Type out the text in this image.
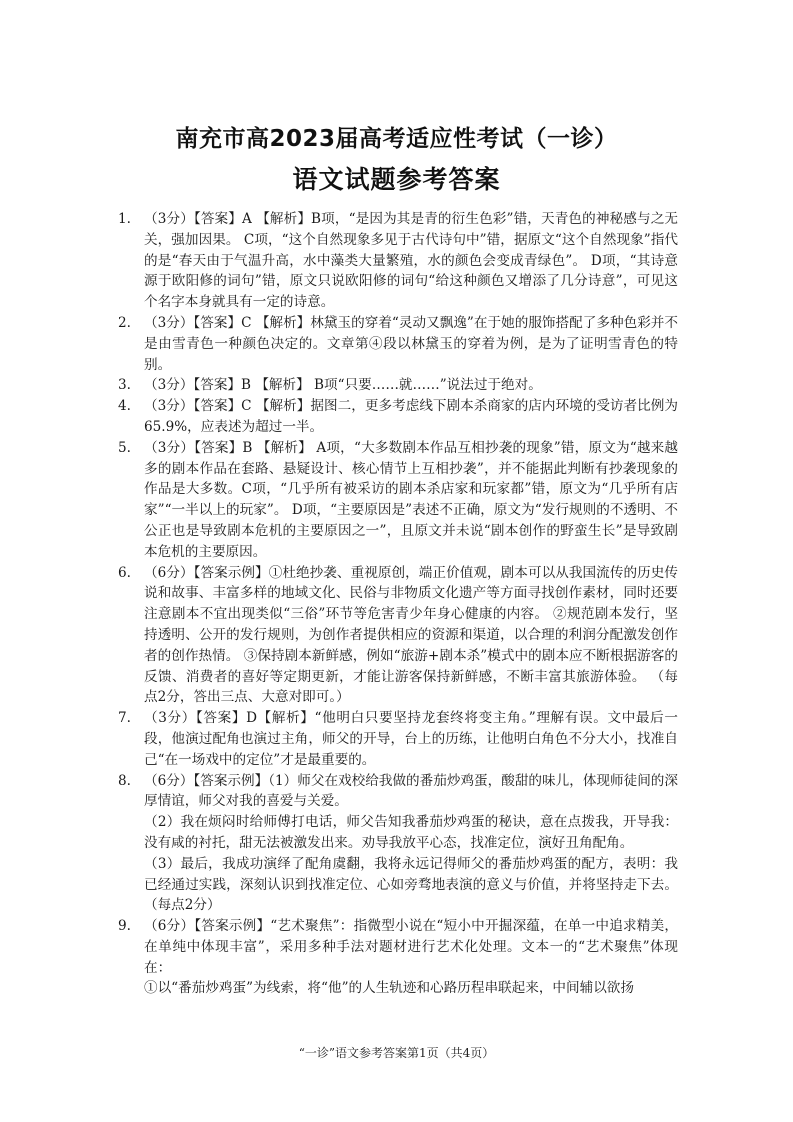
南充市高2023届高考适应性考试（一诊）
语文试题参考答案
1. （3分）【答案】A 【解析】B项，“是因为其是青的衍生色彩”错，天青色的神秘感与之无关，强加因果。 C项，“这个自然现象多见于古代诗句中”错，据原文“这个自然现象”指代的是“春天由于气温升高，水中藻类大量繁殖，水的颜色会变成青绿色”。 D项，“其诗意源于欧阳修的词句”错，原文只说欧阳修的词句“给这种颜色又增添了几分诗意”，可见这个名字本身就具有一定的诗意。

2. （3分）【答案】C 【解析】林黛玉的穿着“灵动又飘逸”在于她的服饰搭配了多种色彩并不是由雪青色一种颜色决定的。文章第④段以林黛玉的穿着为例，是为了证明雪青色的特别。

3. （3分）【答案】B 【解析】 B项“只要……就……”说法过于绝对。

4. （3分）【答案】C 【解析】据图二，更多考虑线下剧本杀商家的店内环境的受访者比例为65.9%，应表述为超过一半。

5. （3分）【答案】B 【解析】 A项，“大多数剧本作品互相抄袭的现象”错，原文为“越来越多的剧本作品在套路、悬疑设计、核心情节上互相抄袭”，并不能据此判断有抄袭现象的作品是大多数。C项，“几乎所有被采访的剧本杀店家和玩家都”错，原文为“几乎所有店家”“一半以上的玩家”。 D项，“主要原因是”表述不正确，原文为“发行规则的不透明、不公正也是导致剧本危机的主要原因之一”，且原文并未说“剧本创作的野蛮生长”是导致剧本危机的主要原因。

6. （6分）【答案示例】①杜绝抄袭、重视原创，端正价值观，剧本可以从我国流传的历史传说和故事、丰富多样的地域文化、民俗与非物质文化遗产等方面寻找创作素材，同时还要注意剧本不宜出现类似“三俗”环节等危害青少年身心健康的内容。 ②规范剧本发行，坚持透明、公开的发行规则，为创作者提供相应的资源和渠道，以合理的利润分配激发创作者的创作热情。 ③保持剧本新鲜感，例如“旅游+剧本杀”模式中的剧本应不断根据游客的反馈、消费者的喜好等定期更新，才能让游客保持新鲜感，不断丰富其旅游体验。 （每点2分，答出三点、大意对即可。）

7. （3分）【答案】D【解析】“他明白只要坚持龙套终将变主角。”理解有误。文中最后一段，他演过配角也演过主角，师父的开导，台上的历练，让他明白角色不分大小，找准自己“在一场戏中的定位”才是最重要的。

8. （6分）【答案示例】（1）师父在戏校给我做的番茄炒鸡蛋，酸甜的味儿，体现师徒间的深厚情谊，师父对我的喜爱与关爱。

（2）我在烦闷时给师傅打电话，师父告知我番茄炒鸡蛋的秘诀，意在点拨我，开导我：没有咸的衬托，甜无法被激发出来。劝导我放平心态，找准定位，演好丑角配角。

（3）最后，我成功演绎了配角虞翻，我将永远记得师父的番茄炒鸡蛋的配方，表明：我已经通过实践，深刻认识到找准定位、心如旁骛地表演的意义与价值，并将坚持走下去。（每点2分）

9. （6分）【答案示例】“艺术聚焦”：指微型小说在“短小中开掘深蕴，在单一中追求精美，在单纯中体现丰富”，采用多种手法对题材进行艺术化处理。文本一的“艺术聚焦”体现在：

①以“番茄炒鸡蛋”为线索，将“他”的人生轨迹和心路历程串联起来，中间辅以欲扬

“一诊”语文参考答案第1页（共4页）
